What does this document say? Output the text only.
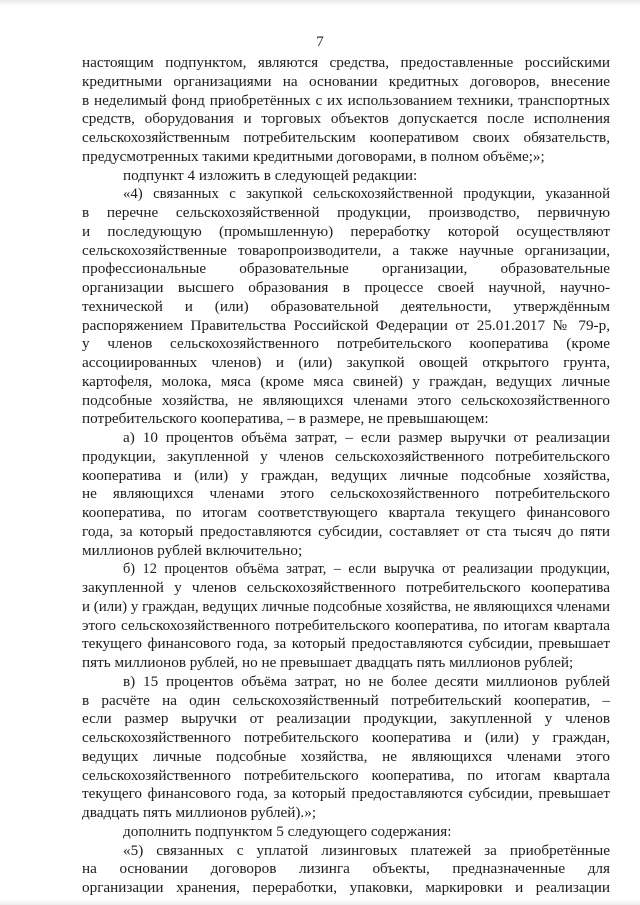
7
настоящим подпунктом, являются средства, предоставленные российскими
кредитными организациями на основании кредитных договоров, внесение
в неделимый фонд приобретённых с их использованием техники, транспортных
средств, оборудования и торговых объектов допускается после исполнения
сельскохозяйственным потребительским кооперативом своих обязательств,
предусмотренных такими кредитными договорами, в полном объёме;»;
подпункт 4 изложить в следующей редакции:
«4) связанных с закупкой сельскохозяйственной продукции, указанной
в перечне сельскохозяйственной продукции, производство, первичную
и последующую (промышленную) переработку которой осуществляют
сельскохозяйственные товаропроизводители, а также научные организации,
профессиональные образовательные организации, образовательные
организации высшего образования в процессе своей научной, научно-
технической и (или) образовательной деятельности, утверждённым
распоряжением Правительства Российской Федерации от 25.01.2017 № 79-р,
у членов сельскохозяйственного потребительского кооператива (кроме
ассоциированных членов) и (или) закупкой овощей открытого грунта,
картофеля, молока, мяса (кроме мяса свиней) у граждан, ведущих личные
подсобные хозяйства, не являющихся членами этого сельскохозяйственного
потребительского кооператива, – в размере, не превышающем:
а) 10 процентов объёма затрат, – если размер выручки от реализации
продукции, закупленной у членов сельскохозяйственного потребительского
кооператива и (или) у граждан, ведущих личные подсобные хозяйства,
не являющихся членами этого сельскохозяйственного потребительского
кооператива, по итогам соответствующего квартала текущего финансового
года, за который предоставляются субсидии, составляет от ста тысяч до пяти
миллионов рублей включительно;
б) 12 процентов объёма затрат, – если выручка от реализации продукции,
закупленной у членов сельскохозяйственного потребительского кооператива
и (или) у граждан, ведущих личные подсобные хозяйства, не являющихся членами
этого сельскохозяйственного потребительского кооператива, по итогам квартала
текущего финансового года, за который предоставляются субсидии, превышает
пять миллионов рублей, но не превышает двадцать пять миллионов рублей;
в) 15 процентов объёма затрат, но не более десяти миллионов рублей
в расчёте на один сельскохозяйственный потребительский кооператив, –
если размер выручки от реализации продукции, закупленной у членов
сельскохозяйственного потребительского кооператива и (или) у граждан,
ведущих личные подсобные хозяйства, не являющихся членами этого
сельскохозяйственного потребительского кооператива, по итогам квартала
текущего финансового года, за который предоставляются субсидии, превышает
двадцать пять миллионов рублей).»;
дополнить подпунктом 5 следующего содержания:
«5) связанных с уплатой лизинговых платежей за приобретённые
на основании договоров лизинга объекты, предназначенные для
организации хранения, переработки, упаковки, маркировки и реализации
